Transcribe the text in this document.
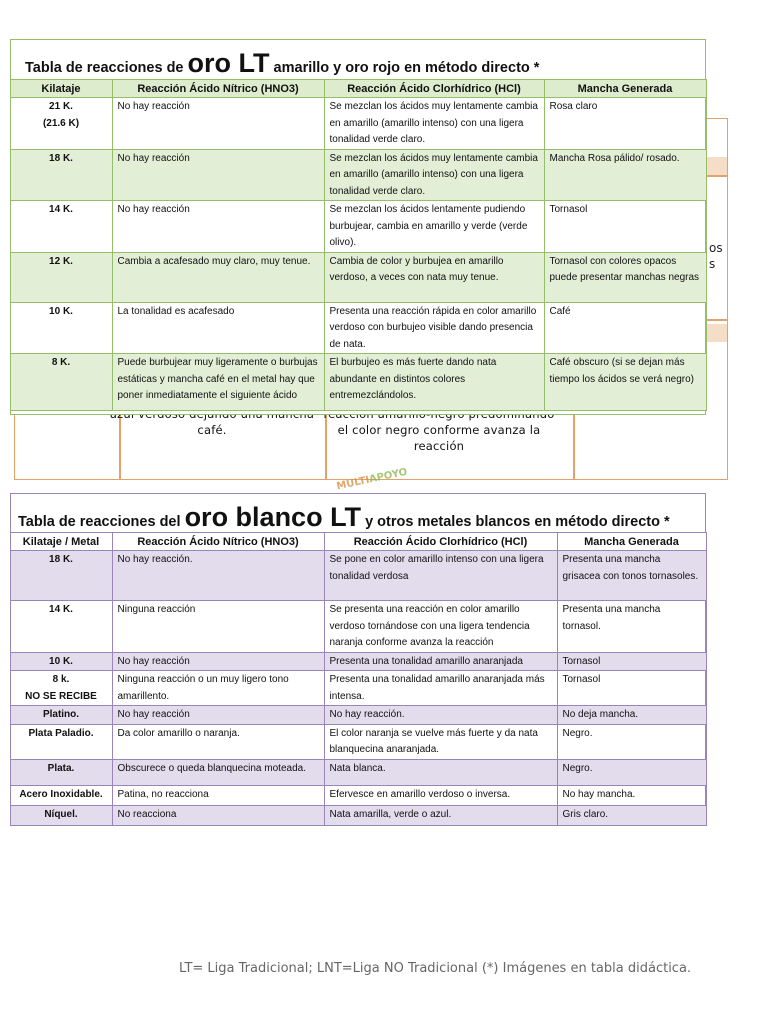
os
s
café.	el color negro conforme avanza la reacción
Tabla de reacciones de oro LT amarillo y oro rojo en método directo *
Kilataje	Reacción Ácido Nítrico (HNO3)	Reacción Ácido Clorhídrico (HCl)	Mancha Generada

21 K.
(21.6 K)	No hay reacción	Se mezclan los ácidos muy lentamente cambia en amarillo (amarillo intenso) con una ligera tonalidad verde claro.	Rosa claro

18 K.	No hay reacción	Se mezclan los ácidos muy lentamente cambia en amarillo (amarillo intenso) con una ligera tonalidad verde claro.	Mancha Rosa pálido/ rosado.

14 K.	No hay reacción	Se mezclan los ácidos lentamente pudiendo burbujear, cambia en amarillo y verde (verde olivo).	Tornasol

12 K.	Cambia a acafesado muy claro, muy tenue.	Cambia de color y burbujea en amarillo verdoso, a veces con nata muy tenue.	Tornasol con colores opacos puede presentar manchas negras

10 K.	La tonalidad es acafesado	Presenta una reacción rápida en color amarillo verdoso con burbujeo visible dando presencia de nata.	Café

8 K.	Puede burbujear muy ligeramente o burbujas estáticas y mancha café en el metal hay que poner inmediatamente el siguiente ácido	El burbujeo es más fuerte dando nata abundante en distintos colores entremezclándolos.	Café obscuro (si se dejan más tiempo los ácidos se verá negro)
MULTIAPOYO
Tabla de reacciones del oro blanco LT y otros metales blancos en método directo *
Kilataje / Metal	Reacción Ácido Nítrico (HNO3)	Reacción Ácido Clorhídrico (HCl)	Mancha Generada

18 K.	No hay reacción.	Se pone en color amarillo intenso con una ligera tonalidad verdosa	Presenta una mancha grisacea con tonos tornasoles.

14 K.	Ninguna reacción	Se presenta una reacción en color amarillo verdoso tornándose con una ligera tendencia naranja conforme avanza la reacción	Presenta una mancha tornasol.

10 K.	No hay reacción	Presenta una tonalidad amarillo anaranjada	Tornasol

8 k.
NO SE RECIBE	Ninguna reacción o un muy ligero tono amarillento.	Presenta una tonalidad amarillo anaranjada más intensa.	Tornasol

Platino.	No hay reacción	No hay reacción.	No deja mancha.

Plata Paladio.	Da color amarillo o naranja.	El color naranja se vuelve más fuerte y da nata blanquecina anaranjada.	Negro.

Plata.	Obscurece o queda blanquecina moteada.	Nata blanca.	Negro.

Acero Inoxidable.	Patina, no reacciona	Efervesce en amarillo verdoso o inversa.	No hay mancha.

Níquel.	No reacciona	Nata amarilla, verde o azul.	Gris claro.
LT= Liga Tradicional; LNT=Liga NO Tradicional (*) Imágenes en tabla didáctica.
